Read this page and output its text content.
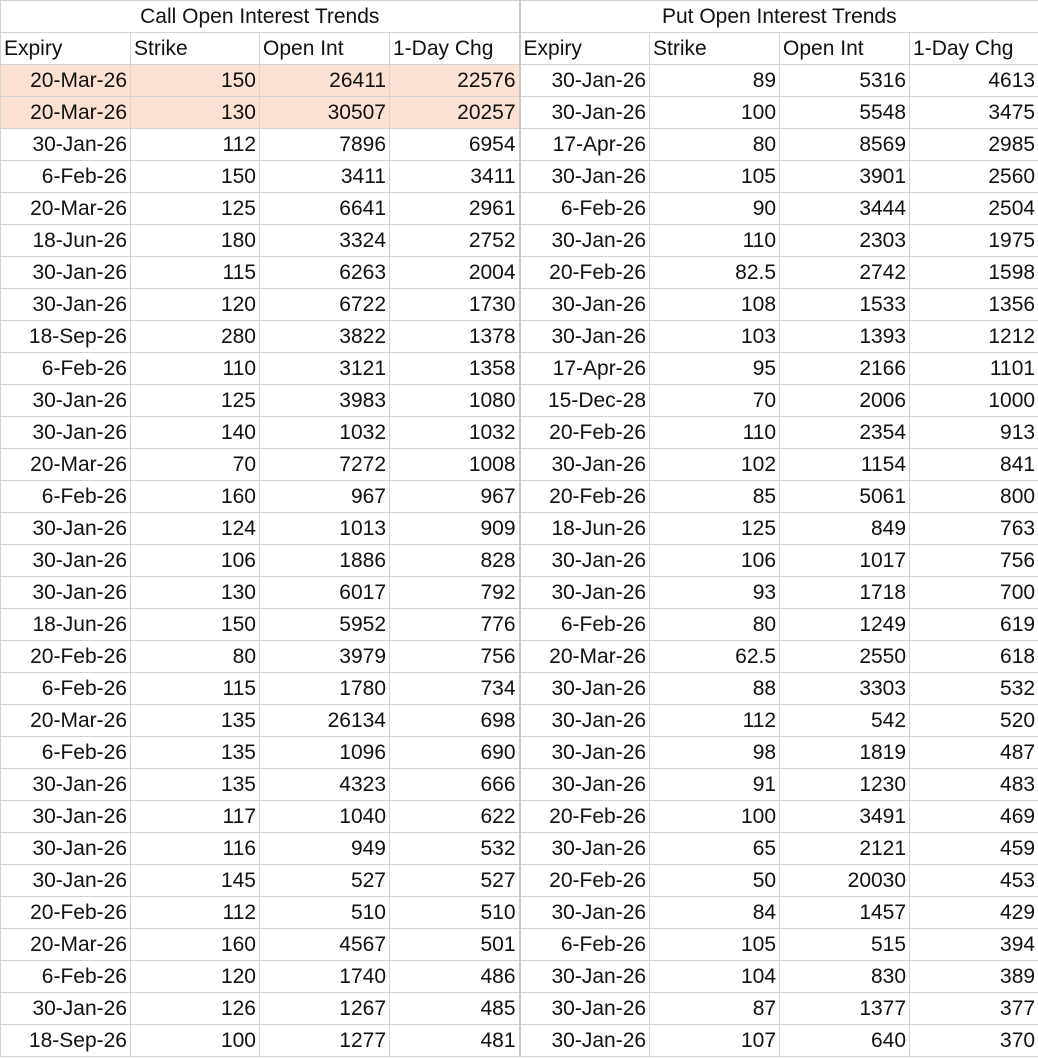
Call Open Interest Trends				Put Open Interest Trends			
Expiry	Strike	Open Int	1-Day Chg	Expiry	Strike	Open Int	1-Day Chg
20-Mar-26	150	26411	22576	30-Jan-26	89	5316	4613
20-Mar-26	130	30507	20257	30-Jan-26	100	5548	3475
30-Jan-26	112	7896	6954	17-Apr-26	80	8569	2985
6-Feb-26	150	3411	3411	30-Jan-26	105	3901	2560
20-Mar-26	125	6641	2961	6-Feb-26	90	3444	2504
18-Jun-26	180	3324	2752	30-Jan-26	110	2303	1975
30-Jan-26	115	6263	2004	20-Feb-26	82.5	2742	1598
30-Jan-26	120	6722	1730	30-Jan-26	108	1533	1356
18-Sep-26	280	3822	1378	30-Jan-26	103	1393	1212
6-Feb-26	110	3121	1358	17-Apr-26	95	2166	1101
30-Jan-26	125	3983	1080	15-Dec-28	70	2006	1000
30-Jan-26	140	1032	1032	20-Feb-26	110	2354	913
20-Mar-26	70	7272	1008	30-Jan-26	102	1154	841
6-Feb-26	160	967	967	20-Feb-26	85	5061	800
30-Jan-26	124	1013	909	18-Jun-26	125	849	763
30-Jan-26	106	1886	828	30-Jan-26	106	1017	756
30-Jan-26	130	6017	792	30-Jan-26	93	1718	700
18-Jun-26	150	5952	776	6-Feb-26	80	1249	619
20-Feb-26	80	3979	756	20-Mar-26	62.5	2550	618
6-Feb-26	115	1780	734	30-Jan-26	88	3303	532
20-Mar-26	135	26134	698	30-Jan-26	112	542	520
6-Feb-26	135	1096	690	30-Jan-26	98	1819	487
30-Jan-26	135	4323	666	30-Jan-26	91	1230	483
30-Jan-26	117	1040	622	20-Feb-26	100	3491	469
30-Jan-26	116	949	532	30-Jan-26	65	2121	459
30-Jan-26	145	527	527	20-Feb-26	50	20030	453
20-Feb-26	112	510	510	30-Jan-26	84	1457	429
20-Mar-26	160	4567	501	6-Feb-26	105	515	394
6-Feb-26	120	1740	486	30-Jan-26	104	830	389
30-Jan-26	126	1267	485	30-Jan-26	87	1377	377
18-Sep-26	100	1277	481	30-Jan-26	107	640	370
